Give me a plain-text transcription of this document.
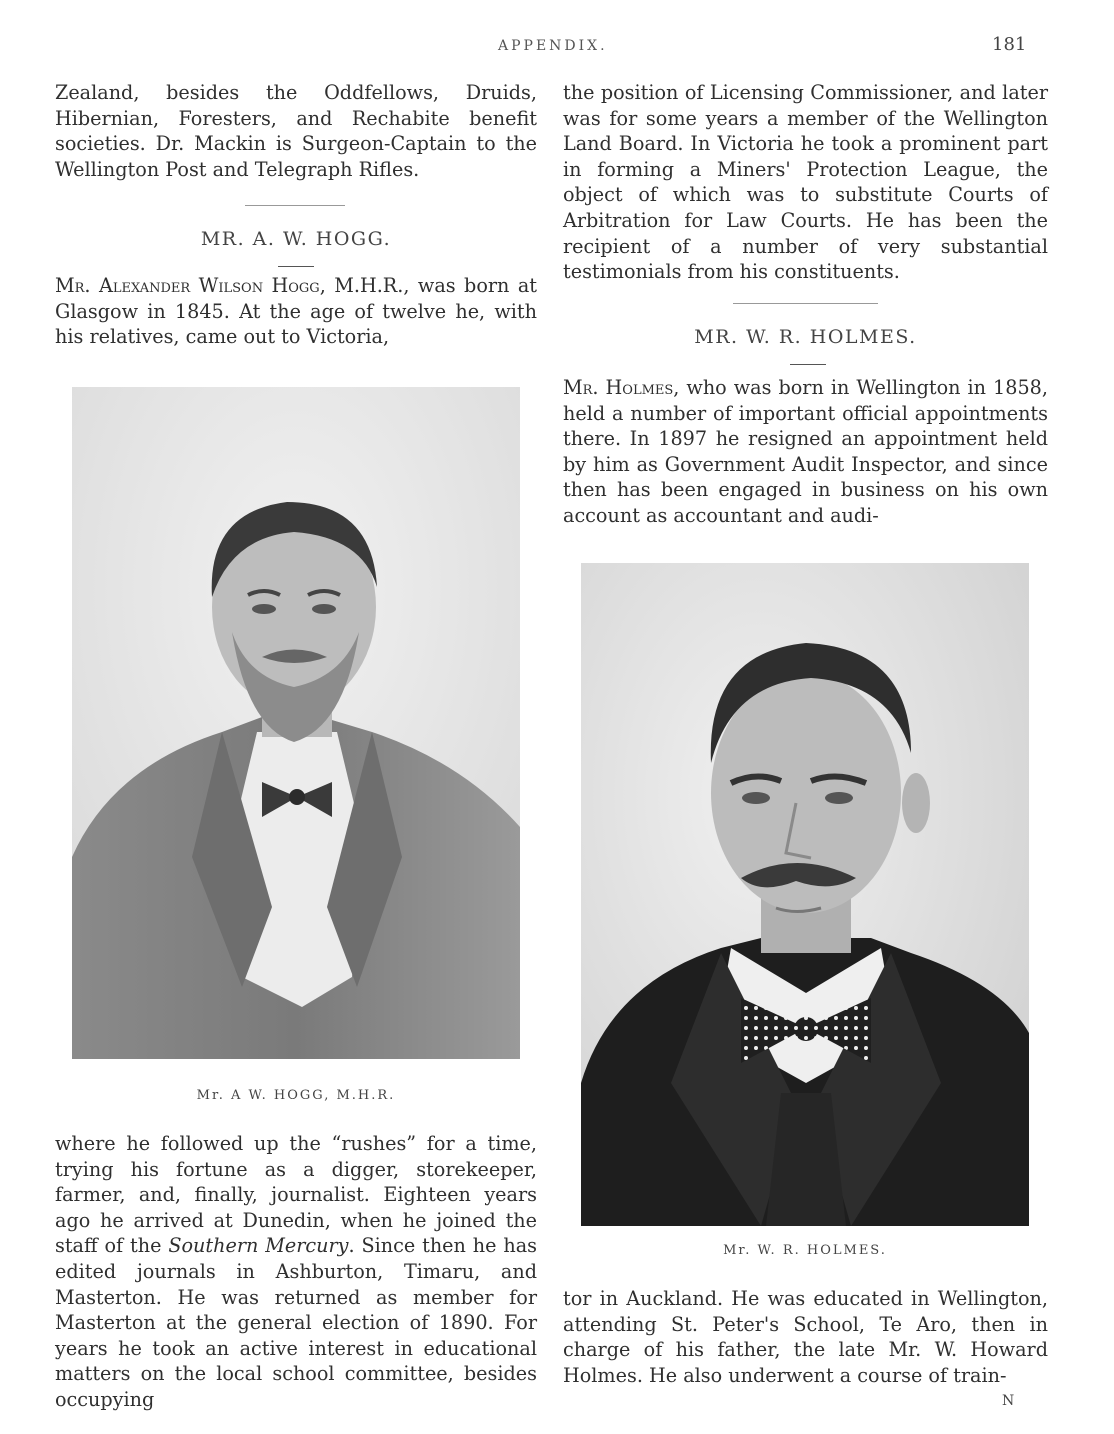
APPENDIX.	181

Zealand, besides the Oddfellows, Druids, Hibernian, Foresters, and Rechabite benefit societies. Dr. Mackin is Surgeon-Captain to the Wellington Post and Telegraph Rifles.

MR. A. W. HOGG.

Mr. Alexander Wilson Hogg, M.H.R., was born at Glasgow in 1845. At the age of twelve he, with his relatives, came out to Victoria,

Mr. A W. HOGG, M.H.R.

where he followed up the “rushes” for a time, trying his fortune as a digger, storekeeper, farmer, and, finally, journalist. Eighteen years ago he arrived at Dunedin, when he joined the staff of the Southern Mercury. Since then he has edited journals in Ashburton, Timaru, and Masterton. He was returned as member for Masterton at the general election of 1890. For years he took an active interest in educational matters on the local school committee, besides occupying

the position of Licensing Commissioner, and later was for some years a member of the Wellington Land Board. In Victoria he took a prominent part in forming a Miners' Protection League, the object of which was to substitute Courts of Arbitration for Law Courts. He has been the recipient of a number of very substantial testimonials from his constituents.

MR. W. R. HOLMES.

Mr. Holmes, who was born in Wellington in 1858, held a number of important official appointments there. In 1897 he resigned an appointment held by him as Government Audit Inspector, and since then has been engaged in business on his own account as accountant and audi-

Mr. W. R. HOLMES.

tor in Auckland. He was educated in Wellington, attending St. Peter's School, Te Aro, then in charge of his father, the late Mr. W. Howard Holmes. He also underwent a course of train-

N
